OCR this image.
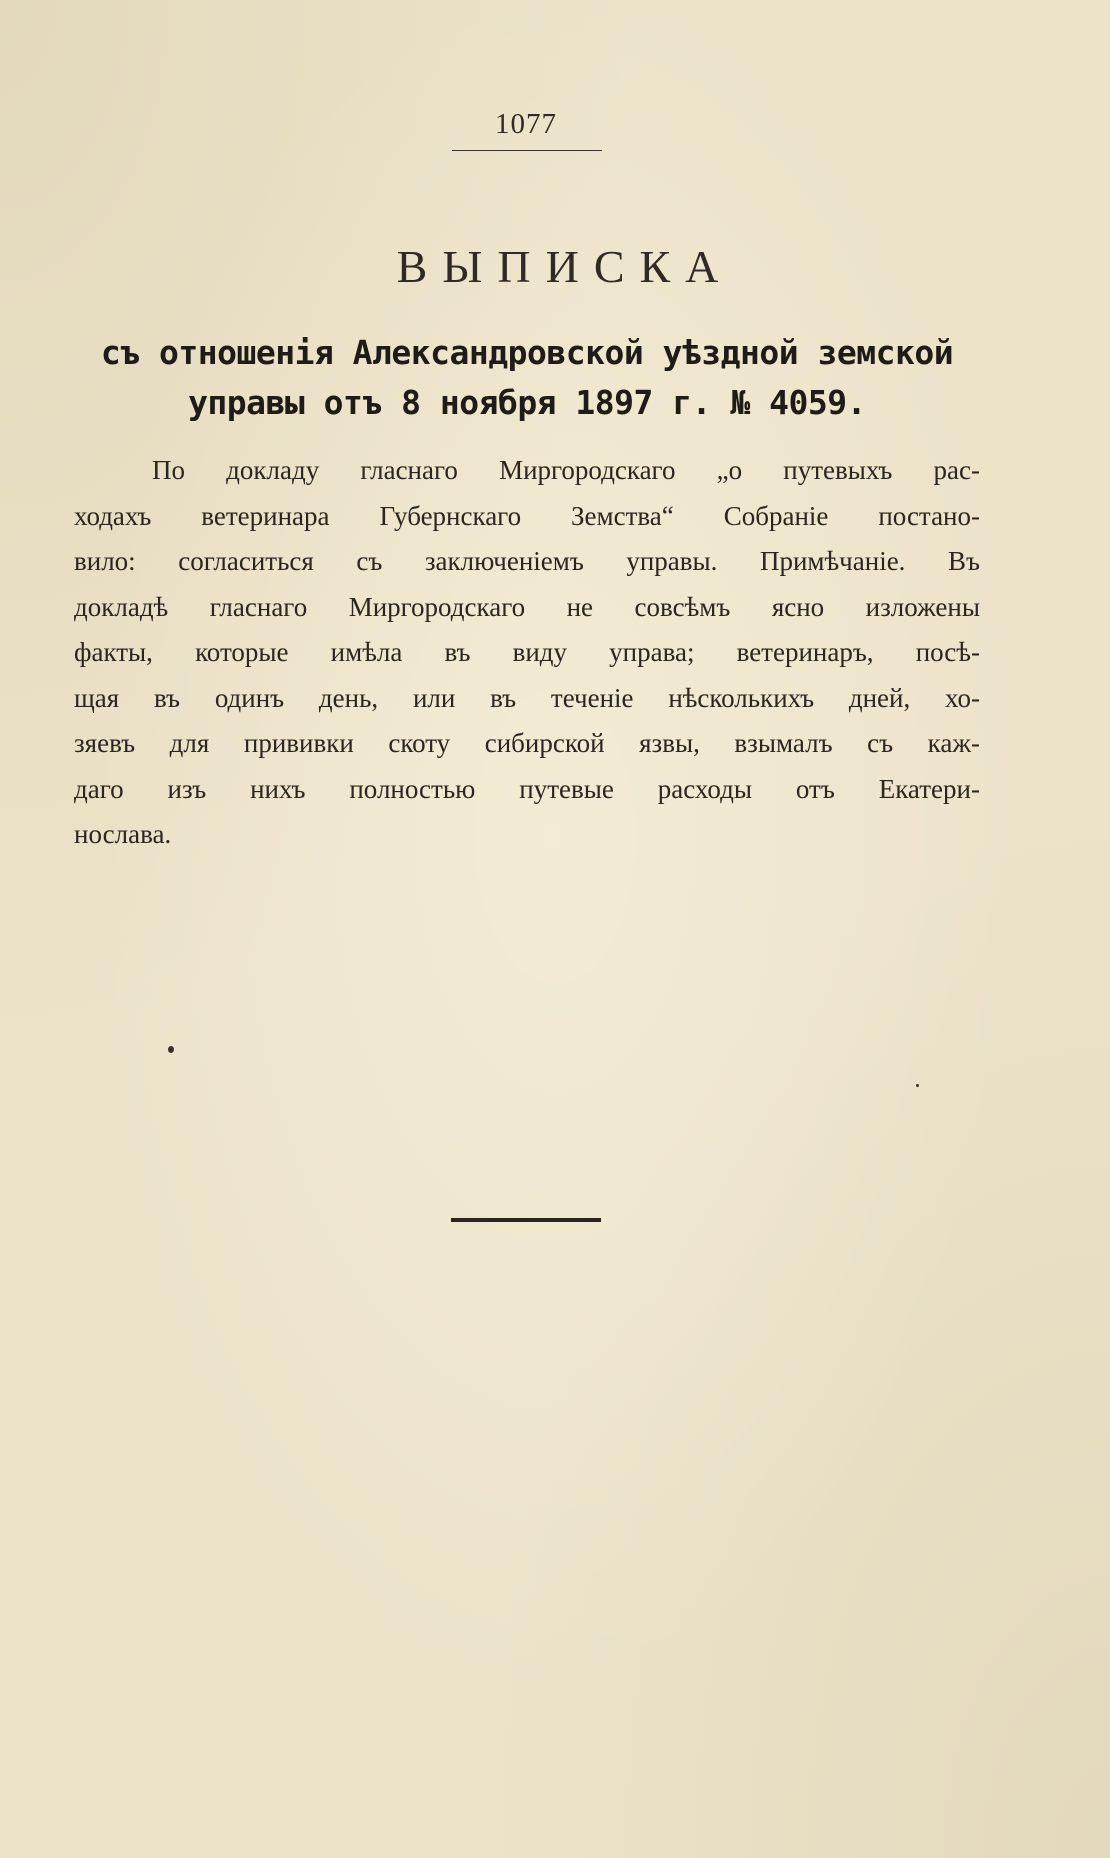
1077
ВЫПИСКА
съ отношенія Александровской уѣздной земской
управы отъ 8 ноября 1897 г. № 4059.
По докладу гласнаго Миргородскаго „о путевыхъ рас-
ходахъ ветеринара Губернскаго Земства“ Собраніе постано-
вило: согласиться съ заключеніемъ управы. Примѣчаніе. Въ
докладѣ гласнаго Миргородскаго не совсѣмъ ясно изложены
факты, которые имѣла въ виду управа; ветеринаръ, посѣ-
щая въ одинъ день, или въ теченіе нѣсколькихъ дней, хо-
зяевъ для прививки скоту сибирской язвы, взымалъ съ каж-
даго изъ нихъ полностью путевые расходы отъ Екатери-
нослава.
